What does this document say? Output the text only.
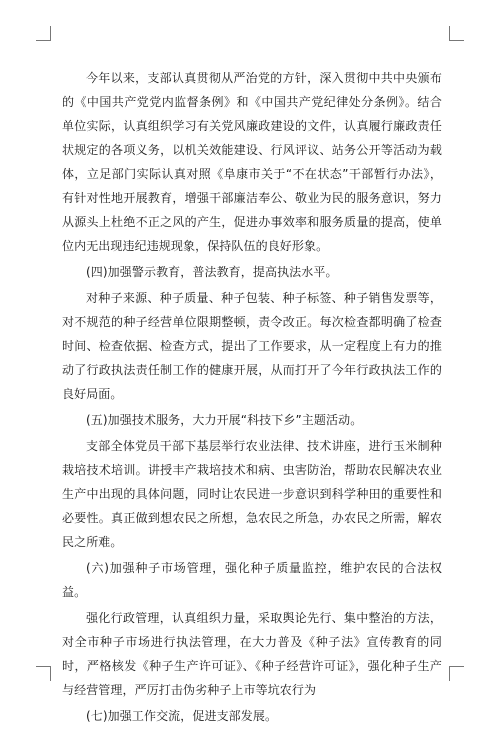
今年以来，支部认真贯彻从严治党的方针，深入贯彻中共中央颁布的《中国共产党党内监督条例》和《中国共产党纪律处分条例》。结合单位实际，认真组织学习有关党风廉政建设的文件，认真履行廉政责任状规定的各项义务，以机关效能建设、行风评议、站务公开等活动为载体，立足部门实际认真对照《阜康市关于“不在状态”干部暂行办法》，有针对性地开展教育，增强干部廉洁奉公、敬业为民的服务意识，努力从源头上杜绝不正之风的产生，促进办事效率和服务质量的提高，使单位内无出现违纪违规现象，保持队伍的良好形象。

(四)加强警示教育，普法教育，提高执法水平。

对种子来源、种子质量、种子包装、种子标签、种子销售发票等，对不规范的种子经营单位限期整顿，责令改正。每次检查都明确了检查时间、检查依据、检查方式，提出了工作要求，从一定程度上有力的推动了行政执法责任制工作的健康开展，从而打开了今年行政执法工作的良好局面。

(五)加强技术服务，大力开展“科技下乡”主题活动。

支部全体党员干部下基层举行农业法律、技术讲座，进行玉米制种栽培技术培训。讲授丰产栽培技术和病、虫害防治，帮助农民解决农业生产中出现的具体问题，同时让农民进一步意识到科学种田的重要性和必要性。真正做到想农民之所想，急农民之所急，办农民之所需，解农民之所难。

(六)加强种子市场管理，强化种子质量监控，维护农民的合法权益。

强化行政管理，认真组织力量，采取舆论先行、集中整治的方法，对全市种子市场进行执法管理，在大力普及《种子法》宣传教育的同时，严格核发《种子生产许可证》、《种子经营许可证》，强化种子生产与经营管理，严厉打击伪劣种子上市等坑农行为

(七)加强工作交流，促进支部发展。
